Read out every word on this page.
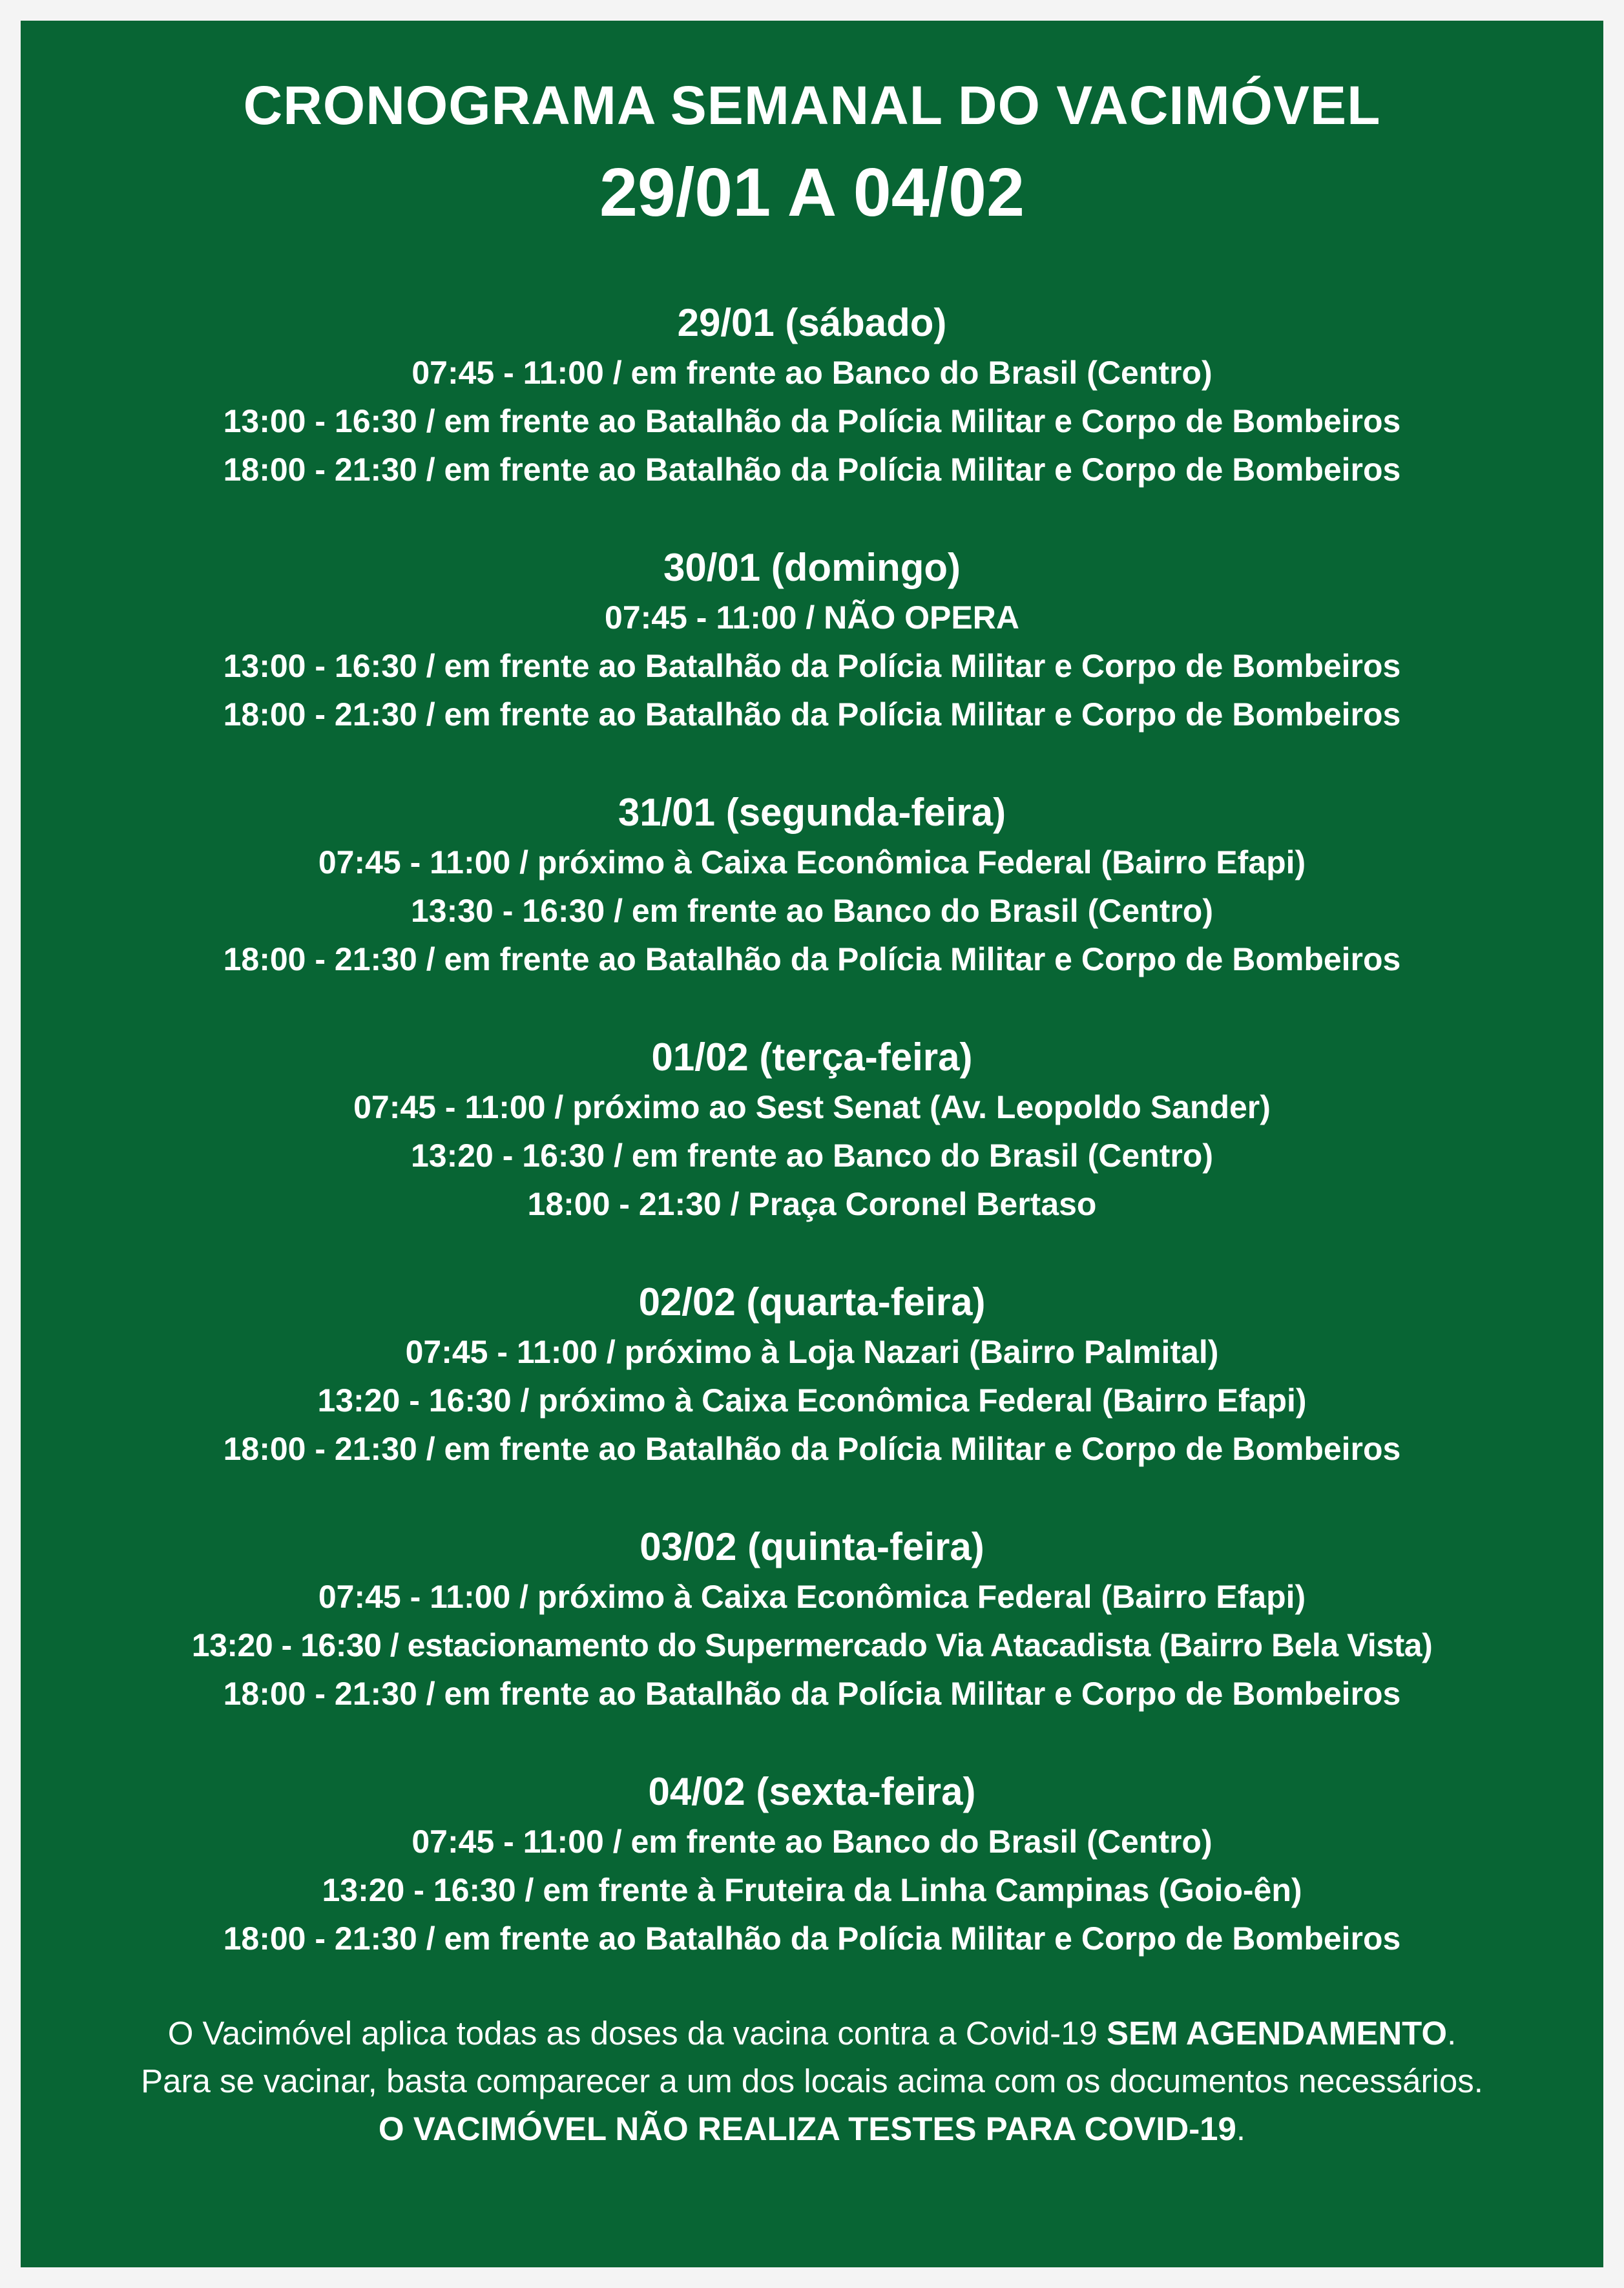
CRONOGRAMA SEMANAL DO VACIMÓVEL
29/01 A 04/02

29/01 (sábado)

07:45 - 11:00 / em frente ao Banco do Brasil (Centro)

13:00 - 16:30 / em frente ao Batalhão da Polícia Militar e Corpo de Bombeiros

18:00 - 21:30 / em frente ao Batalhão da Polícia Militar e Corpo de Bombeiros

30/01 (domingo)

07:45 - 11:00 / NÃO OPERA

13:00 - 16:30 / em frente ao Batalhão da Polícia Militar e Corpo de Bombeiros

18:00 - 21:30 / em frente ao Batalhão da Polícia Militar e Corpo de Bombeiros

31/01 (segunda-feira)

07:45 - 11:00 / próximo à Caixa Econômica Federal (Bairro Efapi)

13:30 - 16:30 / em frente ao Banco do Brasil (Centro)

18:00 - 21:30 / em frente ao Batalhão da Polícia Militar e Corpo de Bombeiros

01/02 (terça-feira)

07:45 - 11:00 / próximo ao Sest Senat (Av. Leopoldo Sander)

13:20 - 16:30 / em frente ao Banco do Brasil (Centro)

18:00 - 21:30 / Praça Coronel Bertaso

02/02 (quarta-feira)

07:45 - 11:00 / próximo à Loja Nazari (Bairro Palmital)

13:20 - 16:30 / próximo à Caixa Econômica Federal (Bairro Efapi)

18:00 - 21:30 / em frente ao Batalhão da Polícia Militar e Corpo de Bombeiros

03/02 (quinta-feira)

07:45 - 11:00 / próximo à Caixa Econômica Federal (Bairro Efapi)

13:20 - 16:30 / estacionamento do Supermercado Via Atacadista (Bairro Bela Vista)

18:00 - 21:30 / em frente ao Batalhão da Polícia Militar e Corpo de Bombeiros

04/02 (sexta-feira)

07:45 - 11:00 / em frente ao Banco do Brasil (Centro)

13:20 - 16:30 / em frente à Fruteira da Linha Campinas (Goio-ên)

18:00 - 21:30 / em frente ao Batalhão da Polícia Militar e Corpo de Bombeiros

O Vacimóvel aplica todas as doses da vacina contra a Covid-19 SEM AGENDAMENTO.

Para se vacinar, basta comparecer a um dos locais acima com os documentos necessários.

O VACIMÓVEL NÃO REALIZA TESTES PARA COVID-19.
